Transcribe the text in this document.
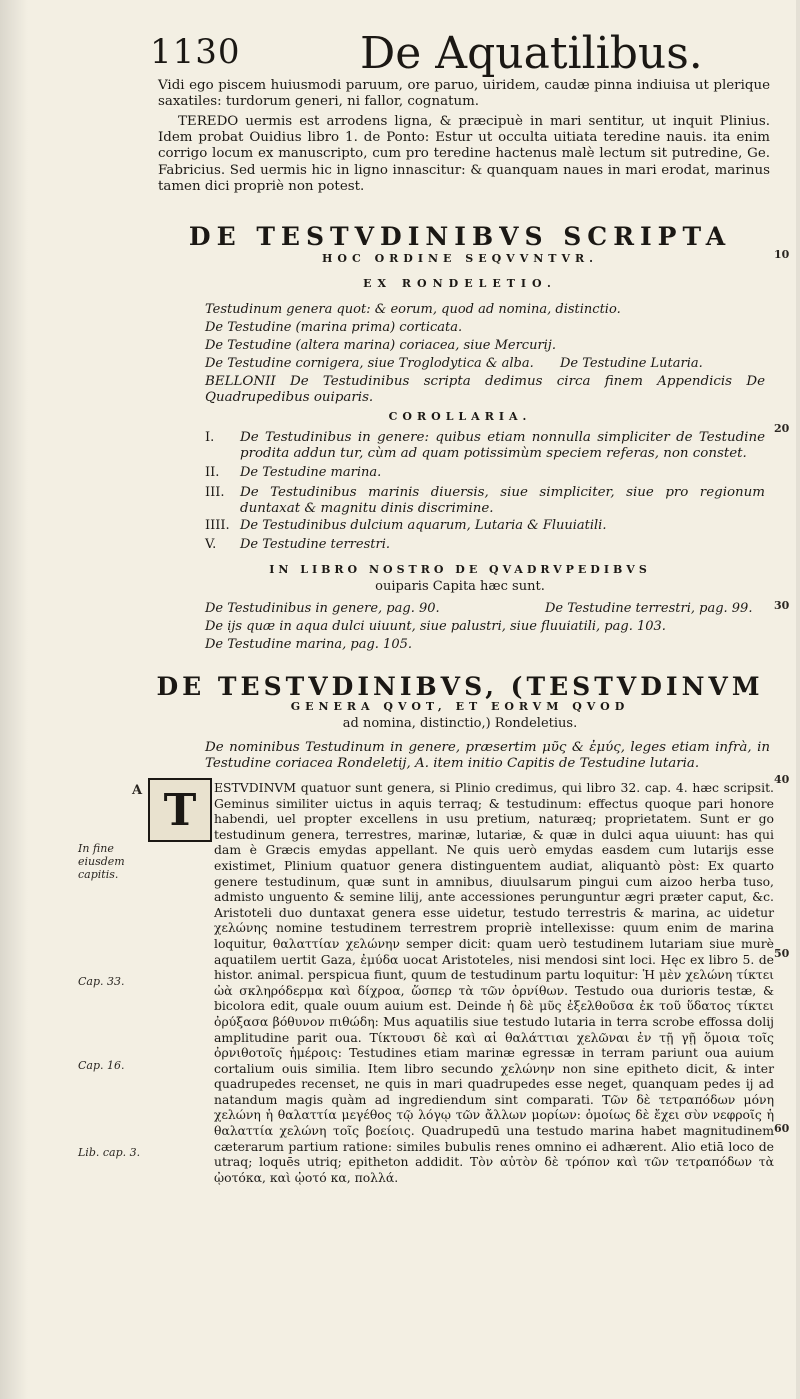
1130	De Aquatilibus.
Vidi ego piscem huiusmodi paruum, ore paruo, uiridem, caudæ pinna indiuisa ut plerique saxatiles: turdorum generi, ni fallor, cognatum.
TEREDO uermis est arrodens ligna, & præcipuè in mari sentitur, ut inquit Plinius. Idem probat Ouidius libro 1. de Ponto: Estur ut occulta uitiata teredine nauis. ita enim corrigo locum ex manuscripto, cum pro teredine hactenus malè lectum sit putredine, Ge. Fabricius. Sed uermis hic in ligno innascitur: & quanquam naues in mari erodat, marinus tamen dici propriè non potest.
DE TESTVDINIBVS SCRIPTA
HOC ORDINE SEQVVNTVR.
EX RONDELETIO.
Testudinum genera quot: & eorum, quod ad nomina, distinctio.
De Testudine (marina prima) corticata.
De Testudine (altera marina) coriacea, siue Mercurij.
De Testudine cornigera, siue Troglodytica & alba. De Testudine Lutaria.
BELLONII De Testudinibus scripta dedimus circa finem Appendicis De Quadrupedibus ouiparis.
COROLLARIA.
I. De Testudinibus in genere: quibus etiam nonnulla simpliciter de Testudine prodita addun tur, cùm ad quam potissimùm speciem referas, non constet.
II. De Testudine marina.
III. De Testudinibus marinis diuersis, siue simpliciter, siue pro regionum duntaxat & magnitu dinis discrimine.
IIII. De Testudinibus dulcium aquarum, Lutaria & Fluuiatili.
V. De Testudine terrestri.
IN LIBRO NOSTRO DE QVADRVPEDIBVS
ouiparis Capita hæc sunt.
De Testudinibus in genere, pag. 90.	De Testudine terrestri, pag. 99.
De ijs quæ in aqua dulci uiuunt, siue palustri, siue fluuiatili, pag. 103.
De Testudine marina, pag. 105.
DE TESTVDINIBVS, (TESTVDINVM
GENERA QVOT, ET EORVM QVOD
ad nomina, distinctio,) Rondeletius.
De nominibus Testudinum in genere, præsertim μῦς & ἐμύς, leges etiam infrà, in Testudine coriacea Rondeletij, A. item initio Capitis de Testudine lutaria.
T	ESTVDINVM quatuor sunt genera, si Plinio credimus, qui libro 32. cap. 4. hæc scripsit. Geminus similiter uictus in aquis terraq; & testudinum: effectus quoque pari honore habendi, uel propter excellens in usu pretium, naturæq; proprietatem. Sunt er go testudinum genera, terrestres, marinæ, lutariæ, & quæ in dulci aqua uiuunt: has qui dam è Græcis emydas appellant. Ne quis uerò emydas easdem cum lutarijs esse existimet, Plinium quatuor genera distinguentem audiat, aliquantò pòst: Ex quarto genere testudinum, quæ sunt in amnibus, diuulsarum pingui cum aizoo herba tuso, admisto unguento & semine lilij, ante accessiones perunguntur ægri præter caput, &c. Aristoteli duo duntaxat genera esse uidetur, testudo terrestris & marina, ac uidetur χελώνης nomine testudinem terrestrem propriè intellexisse: quum enim de marina loquitur, θαλαττίαν χελώνην semper dicit: quam uerò testudinem lutariam siue murè aquatilem uertit Gaza, ἐμύδα uocat Aristoteles, nisi mendosi sint loci. Hęc ex libro 5. de histor. animal. perspicua fiunt, quum de testudinum partu loquitur: Ἡ μὲν χελώνη τίκτει ὠὰ σκληρόδερμα καὶ δίχροα, ὥσπερ τὰ τῶν ὀρνίθων. Testudo oua durioris testæ, & bicolora edit, quale ouum auium est. Deinde ἡ δὲ μῦς ἐξελθοῦσα ἐκ τοῦ ὕδατος τίκτει ὀρύξασα βόθυνον πιθώδη: Mus aquatilis siue testudo lutaria in terra scrobe effossa dolij amplitudine parit oua. Τίκτουσι δὲ καὶ αἱ θαλάττιαι χελῶναι ἐν τῇ γῇ ὅμοια τοῖς ὀρνιθοτοῖς ἡμέροις: Testudines etiam marinæ egressæ in terram pariunt oua auium cortalium ouis similia. Item libro secundo χελώνην non sine epitheto dicit, & inter quadrupedes recenset, ne quis in mari quadrupedes esse neget, quanquam pedes ij ad natandum magis quàm ad ingrediendum sint comparati. Τῶν δὲ τετραπόδων μόνη χελώνη ἡ θαλαττία μεγέθος τῷ λόγῳ τῶν ἄλλων μορίων: ὁμοίως δὲ ἔχει σὺν νεφροῖς ἡ θαλαττία χελώνη τοῖς βοείοις. Quadrupedū una testudo marina habet magnitudinem cæterarum partium ratione: similes bubulis renes omnino ei adhærent. Alio etiā loco de utraq; loquēs utriq; epitheton addidit. Τὸν αὐτὸν δὲ τρόπον καὶ τῶν τετραπόδων τὰ ᾠοτόκα, καὶ ᾠοτό κα, πολλά.
A
In fine eiusdem capitis.
Cap. 33.
Cap. 16.
Lib. cap. 3.
10
20
30
40
50
60
